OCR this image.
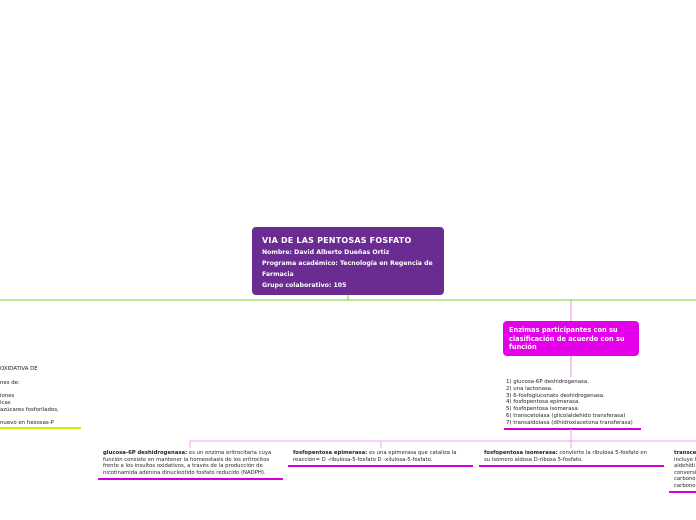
VIA DE LAS PENTOSAS FOSFATO
Nombre: David Alberto Dueñas Ortiz
Programa académico: Tecnología en Regencia de
Farmacia
Grupo colaborativo: 105
Enzimas participantes con su clasificación de acuerdo con su función
1) glucosa-6P deshidrogenasa.
2) una lactonasa.
3) 6-fosfogluconato deshidrogenasa.
4) fosfopentosa epimerasa.
5) fosfopentosa isomerasa.
6) transcetolasa (glicolaldehido transferasa)
7) transaldolasa (dihidroxiacetona transferasa)
OXIDATIVA DE
nes de:
iones
icas
azúcares fosforilados,
nuevo en hexosas-P
glucosa-6P deshidrogenasa: es un enzima eritrocitaria cuya
función consiste en mantener la homeostasis de los eritrocitos
frente a los insultos oxidativos, a través de la producción de
nicotinamida adenina dinucleótido fosfato reducido (NADPH).
fosfopentosa epimerasa: es una epimerasa que cataliza la
reacción= D -ribulosa-5-fosfato D -xilulosa-5-fosfato.
fosfopentosa isomerasa: convierte la ribulosa 5-fosfato en
su isómero aldosa D-ribosa 5-fosfato.
transce
incluye l
aldehídi
conversi
carbono
carbono
